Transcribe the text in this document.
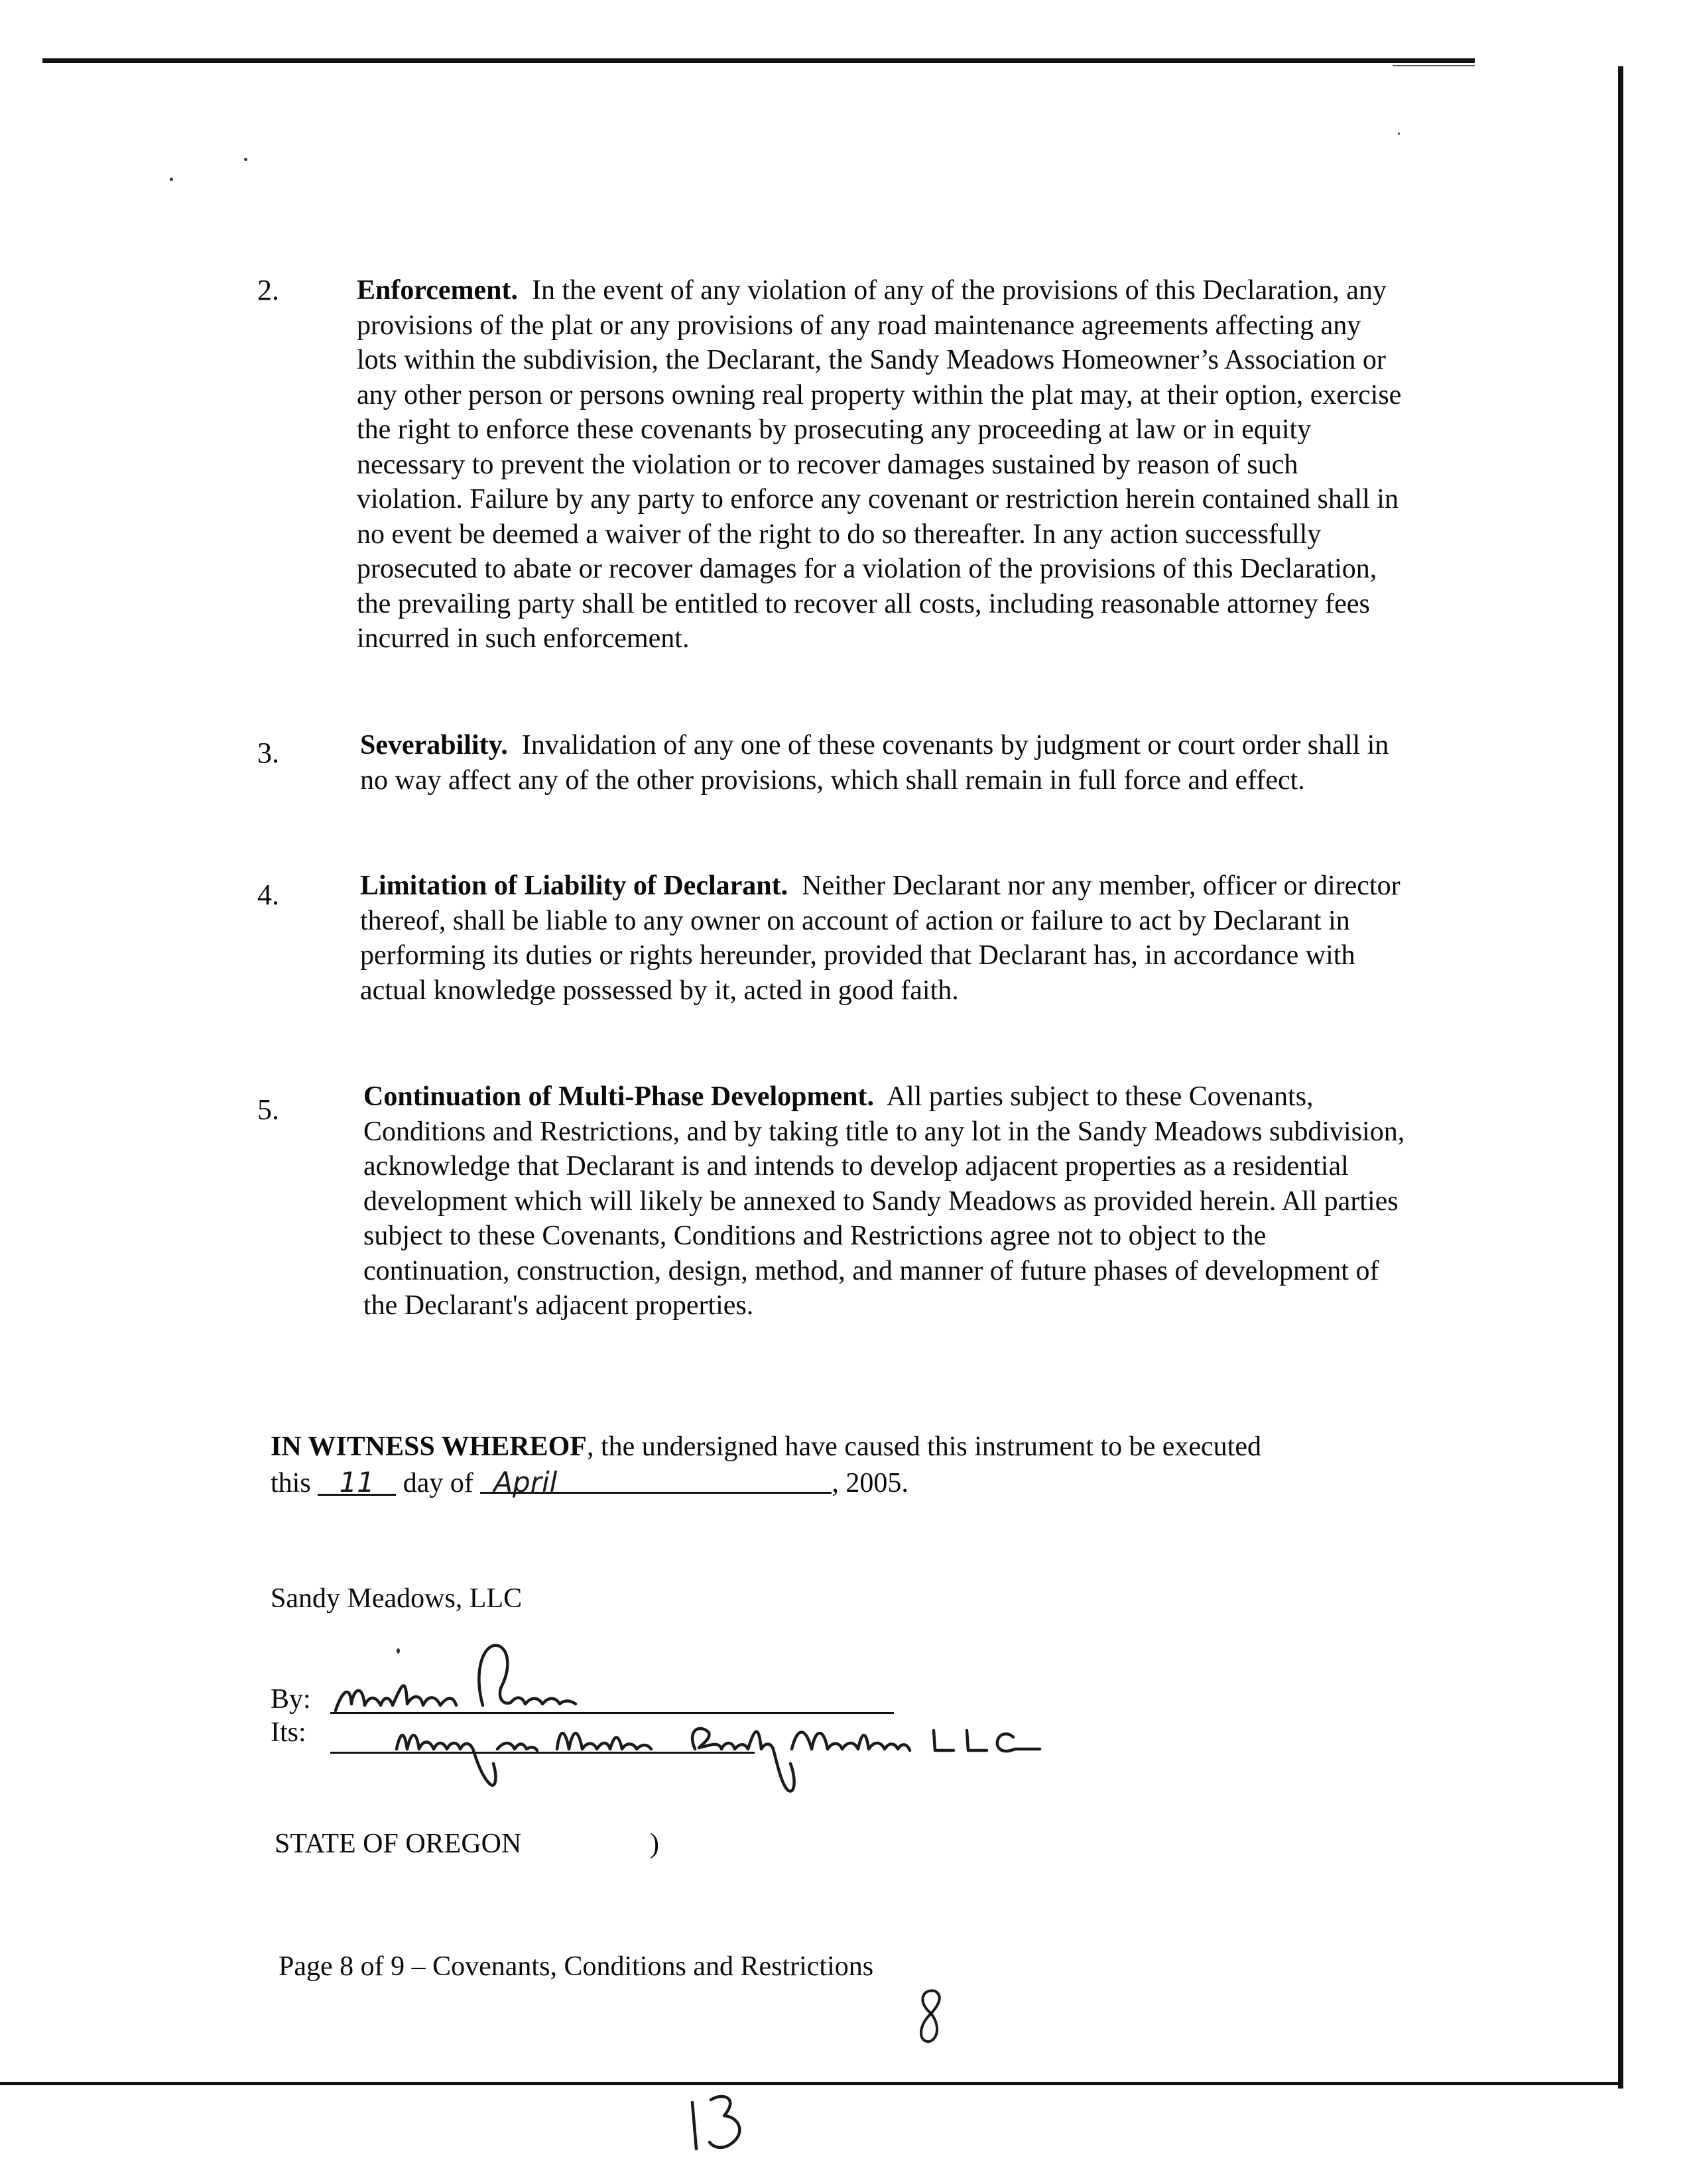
2.	Enforcement. In the event of any violation of any of the provisions of this Declaration, any provisions of the plat or any provisions of any road maintenance agreements affecting any lots within the subdivision, the Declarant, the Sandy Meadows Homeowner’s Association or any other person or persons owning real property within the plat may, at their option, exercise the right to enforce these covenants by prosecuting any proceeding at law or in equity necessary to prevent the violation or to recover damages sustained by reason of such violation. Failure by any party to enforce any covenant or restriction herein contained shall in no event be deemed a waiver of the right to do so thereafter. In any action successfully prosecuted to abate or recover damages for a violation of the provisions of this Declaration, the prevailing party shall be entitled to recover all costs, including reasonable attorney fees incurred in such enforcement.
3.	Severability. Invalidation of any one of these covenants by judgment or court order shall in no way affect any of the other provisions, which shall remain in full force and effect.
4.	Limitation of Liability of Declarant. Neither Declarant nor any member, officer or director thereof, shall be liable to any owner on account of action or failure to act by Declarant in performing its duties or rights hereunder, provided that Declarant has, in accordance with actual knowledge possessed by it, acted in good faith.
5.	Continuation of Multi-Phase Development. All parties subject to these Covenants, Conditions and Restrictions, and by taking title to any lot in the Sandy Meadows subdivision, acknowledge that Declarant is and intends to develop adjacent properties as a residential development which will likely be annexed to Sandy Meadows as provided herein. All parties subject to these Covenants, Conditions and Restrictions agree not to object to the continuation, construction, design, method, and manner of future phases of development of the Declarant's adjacent properties.
IN WITNESS WHEREOF, the undersigned have caused this instrument to be executed
this 11 day of April	, 2005.
Sandy Meadows, LLC
By:
Its:
STATE OF OREGON	)
Page 8 of 9 – Covenants, Conditions and Restrictions
